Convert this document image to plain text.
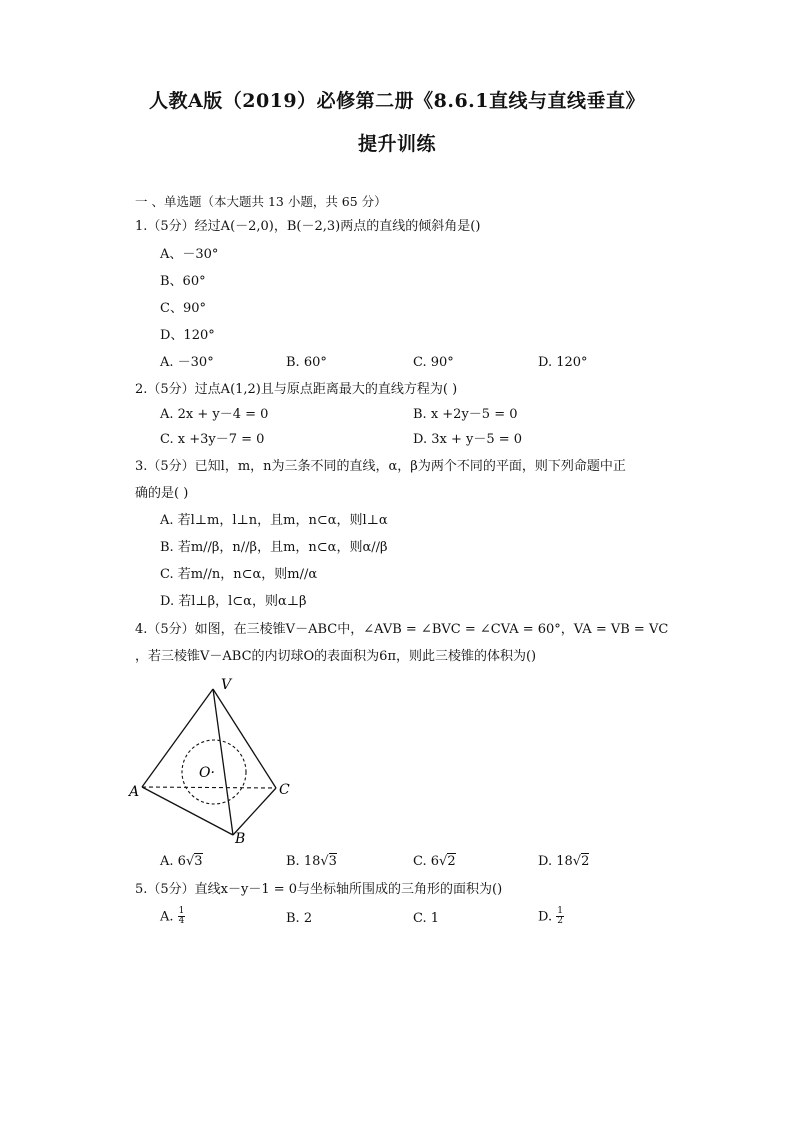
人教A版（2019）必修第二册《8.6.1直线与直线垂直》
提升训练
一 、单选题（本大题共 13 小题，共 65 分）
1.（5分）经过A(－2,0)，B(－2,3)两点的直线的倾斜角是()
A、－30°
B、60°
C、90°
D、120°
A. －30°	B. 60°	C. 90°	D. 120°
2.（5分）过点A(1,2)且与原点距离最大的直线方程为( )
A. 2x + y－4 = 0	B. x +2y－5 = 0
C. x +3y－7 = 0	D. 3x + y－5 = 0
3.（5分）已知l，m，n为三条不同的直线，α，β为两个不同的平面，则下列命题中正
确的是( )
A. 若l⊥m，l⊥n，且m，n⊂α，则l⊥α
B. 若m//β，n//β，且m，n⊂α，则α//β
C. 若m//n，n⊂α，则m//α
D. 若l⊥β，l⊂α，则α⊥β
4.（5分）如图，在三棱锥V－ABC中，∠AVB = ∠BVC = ∠CVA = 60°，VA = VB = VC
，若三棱锥V－ABC的内切球O的表面积为6π，则此三棱锥的体积为()
V
A
B
C
O·
A. 6√3	B. 18√3	C. 6√2	D. 18√2
5.（5分）直线x－y－1 = 0与坐标轴所围成的三角形的面积为()
A. $\frac{1}{4}$	B. 2	C. 1	D. $\frac{1}{2}$
